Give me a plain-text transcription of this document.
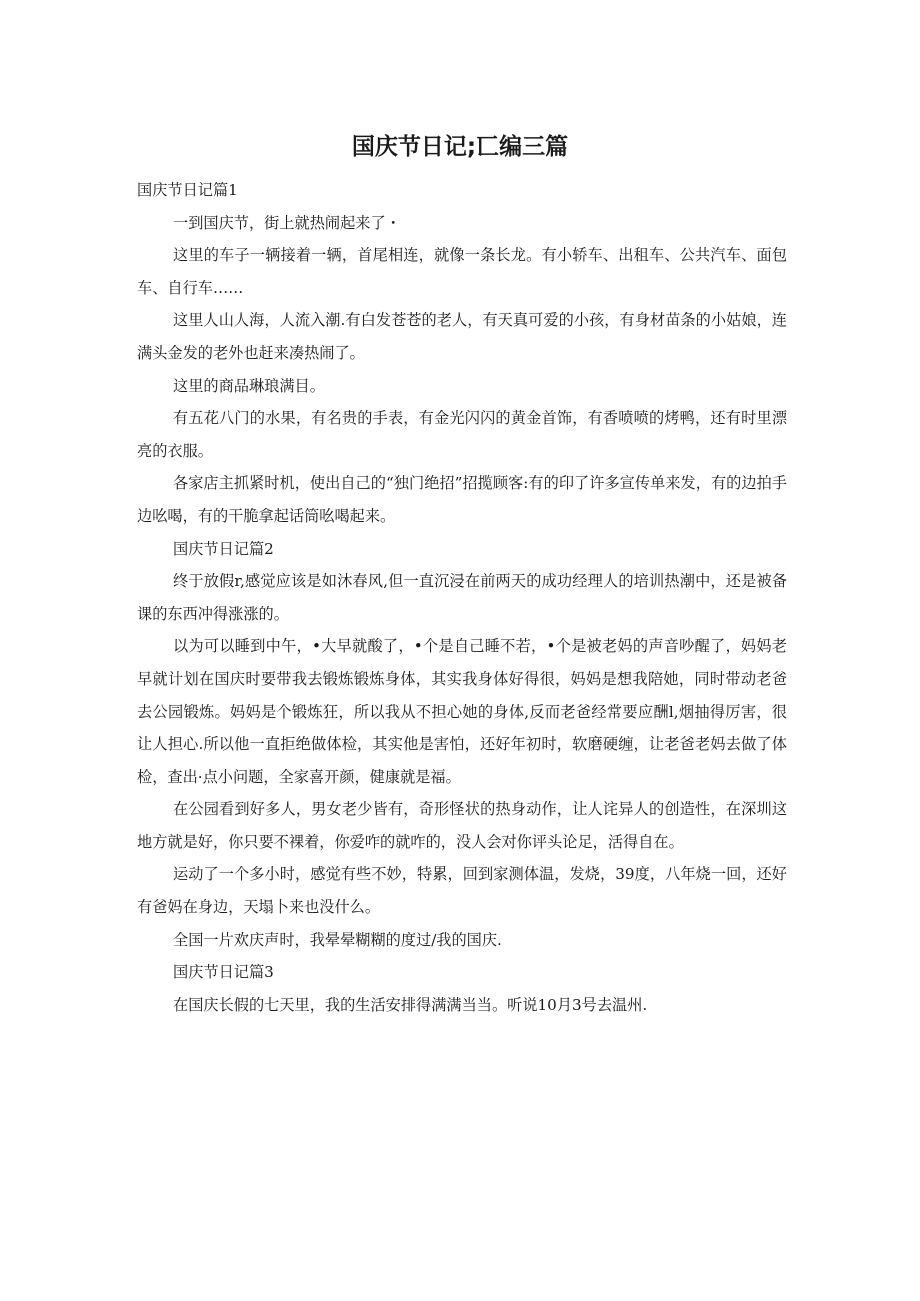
国庆节日记;匸编三篇

国庆节日记篇1

一到国庆节，街上就热闹起来了・

这里的车子一辆接着一辆，首尾相连，就像一条长龙。有小轿车、出租车、公共汽车、面包车、自行车……

这里人山人海，人流入潮.有白发苍苍的老人，有天真可爱的小孩，有身材苗条的小姑娘，连满头金发的老外也赶来凑热闹了。

这里的商品琳琅满目。

有五花八门的水果，有名贵的手表，有金光闪闪的黄金首饰，有香喷喷的烤鸭，还有时里漂亮的衣服。

各家店主抓紧时机，使出自己的“独门绝招”招揽顾客:有的印了许多宣传单来发，有的边拍手边吆喝，有的干脆拿起话筒吆喝起来。

国庆节日记篇2

终于放假r,感觉应该是如沐春风,但一直沉浸在前两天的成功经理人的培训热潮中，还是被备课的东西冲得涨涨的。

以为可以睡到中午，•大早就酸了，•个是自己睡不若，•个是被老妈的声音吵醒了，妈妈老早就计划在国庆时要带我去锻炼锻炼身体，其实我身体好得很，妈妈是想我陪她，同时带动老爸去公园锻炼。妈妈是个锻炼狂，所以我从不担心她的身体,反而老爸经常要应酬l,烟抽得厉害，很让人担心.所以他一直拒绝做体检，其实他是害怕，还好年初时，软磨硬缠，让老爸老妈去做了体检，查出·点小问题，全家喜开颜，健康就是福。

在公园看到好多人，男女老少皆有，奇形怪状的热身动作，让人诧异人的创造性，在深圳这地方就是好，你只要不裸着，你爱咋的就咋的，没人会对你评头论足，活得自在。

运动了一个多小时，感觉有些不妙，特累，回到家测体温，发烧，39度，八年烧一回，还好有爸妈在身边，天塌卜来也没什么。

全国一片欢庆声时，我晕晕糊糊的度过/我的国庆.

国庆节日记篇3

在国庆长假的七天里，我的生活安排得满满当当。听说10月3号去温州.
